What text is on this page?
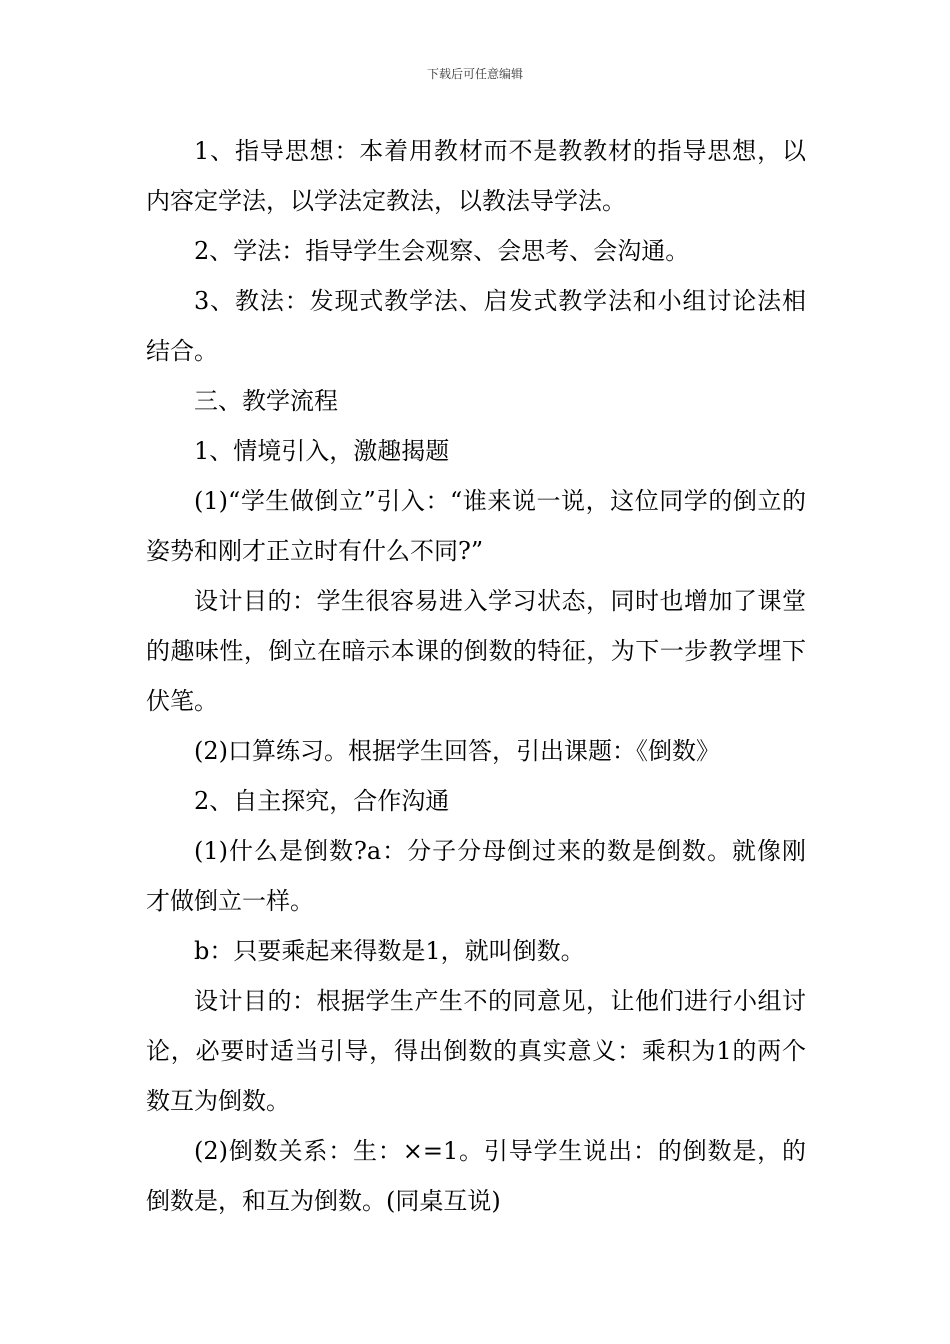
下载后可任意编辑

1、指导思想：本着用教材而不是教教材的指导思想，以内容定学法，以学法定教法，以教法导学法。

2、学法：指导学生会观察、会思考、会沟通。

3、教法：发现式教学法、启发式教学法和小组讨论法相结合。

三、教学流程

1、情境引入，激趣揭题

(1)“学生做倒立”引入：“谁来说一说，这位同学的倒立的姿势和刚才正立时有什么不同?”

设计目的：学生很容易进入学习状态，同时也增加了课堂的趣味性，倒立在暗示本课的倒数的特征，为下一步教学埋下伏笔。

(2)口算练习。根据学生回答，引出课题：《倒数》

2、自主探究，合作沟通

(1)什么是倒数?a：分子分母倒过来的数是倒数。就像刚才做倒立一样。

b：只要乘起来得数是1，就叫倒数。

设计目的：根据学生产生不的同意见，让他们进行小组讨论，必要时适当引导，得出倒数的真实意义：乘积为1的两个数互为倒数。

(2)倒数关系：生：×=1。引导学生说出：的倒数是，的倒数是，和互为倒数。(同桌互说)
